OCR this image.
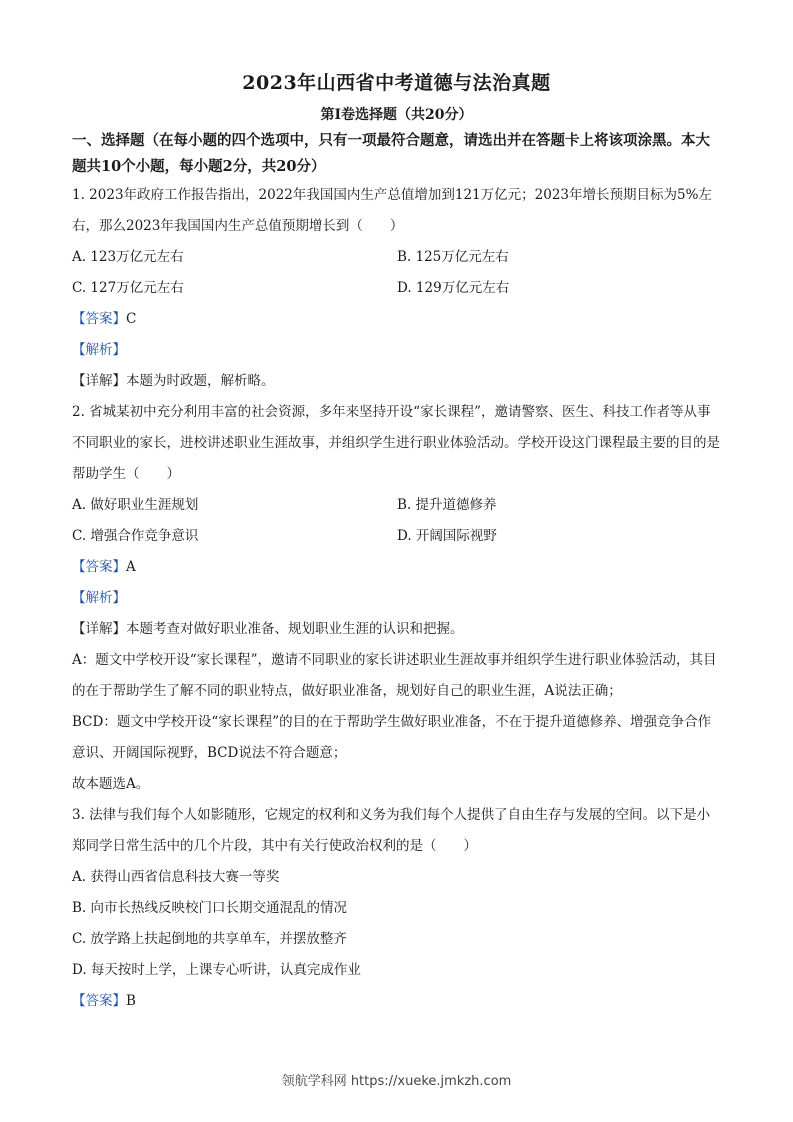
2023年山西省中考道德与法治真题
第Ⅰ卷选择题（共20分）
一、选择题（在每小题的四个选项中，只有一项最符合题意，请选出并在答题卡上将该项涂黑。本大题共10个小题，每小题2分，共20分）

1. 2023年政府工作报告指出，2022年我国国内生产总值增加到121万亿元；2023年增长预期目标为5%左右，那么2023年我国国内生产总值预期增长到（　　）

A. 123万亿元左右	B. 125万亿元左右
C. 127万亿元左右	D. 129万亿元左右

【答案】C

【解析】

【详解】本题为时政题，解析略。

2. 省城某初中充分利用丰富的社会资源，多年来坚持开设“家长课程”，邀请警察、医生、科技工作者等从事不同职业的家长，进校讲述职业生涯故事，并组织学生进行职业体验活动。学校开设这门课程最主要的目的是帮助学生（　　）

A. 做好职业生涯规划	B. 提升道德修养
C. 增强合作竞争意识	D. 开阔国际视野

【答案】A

【解析】

【详解】本题考查对做好职业准备、规划职业生涯的认识和把握。

A：题文中学校开设“家长课程”，邀请不同职业的家长讲述职业生涯故事并组织学生进行职业体验活动，其目的在于帮助学生了解不同的职业特点，做好职业准备，规划好自己的职业生涯，A说法正确；

BCD：题文中学校开设“家长课程”的目的在于帮助学生做好职业准备，不在于提升道德修养、增强竞争合作意识、开阔国际视野，BCD说法不符合题意；

故本题选A。

3. 法律与我们每个人如影随形，它规定的权利和义务为我们每个人提供了自由生存与发展的空间。以下是小郑同学日常生活中的几个片段，其中有关行使政治权利的是（　　）

A. 获得山西省信息科技大赛一等奖
B. 向市长热线反映校门口长期交通混乱的情况
C. 放学路上扶起倒地的共享单车，并摆放整齐
D. 每天按时上学，上课专心听讲，认真完成作业

【答案】B

领航学科网 https://xueke.jmkzh.com
